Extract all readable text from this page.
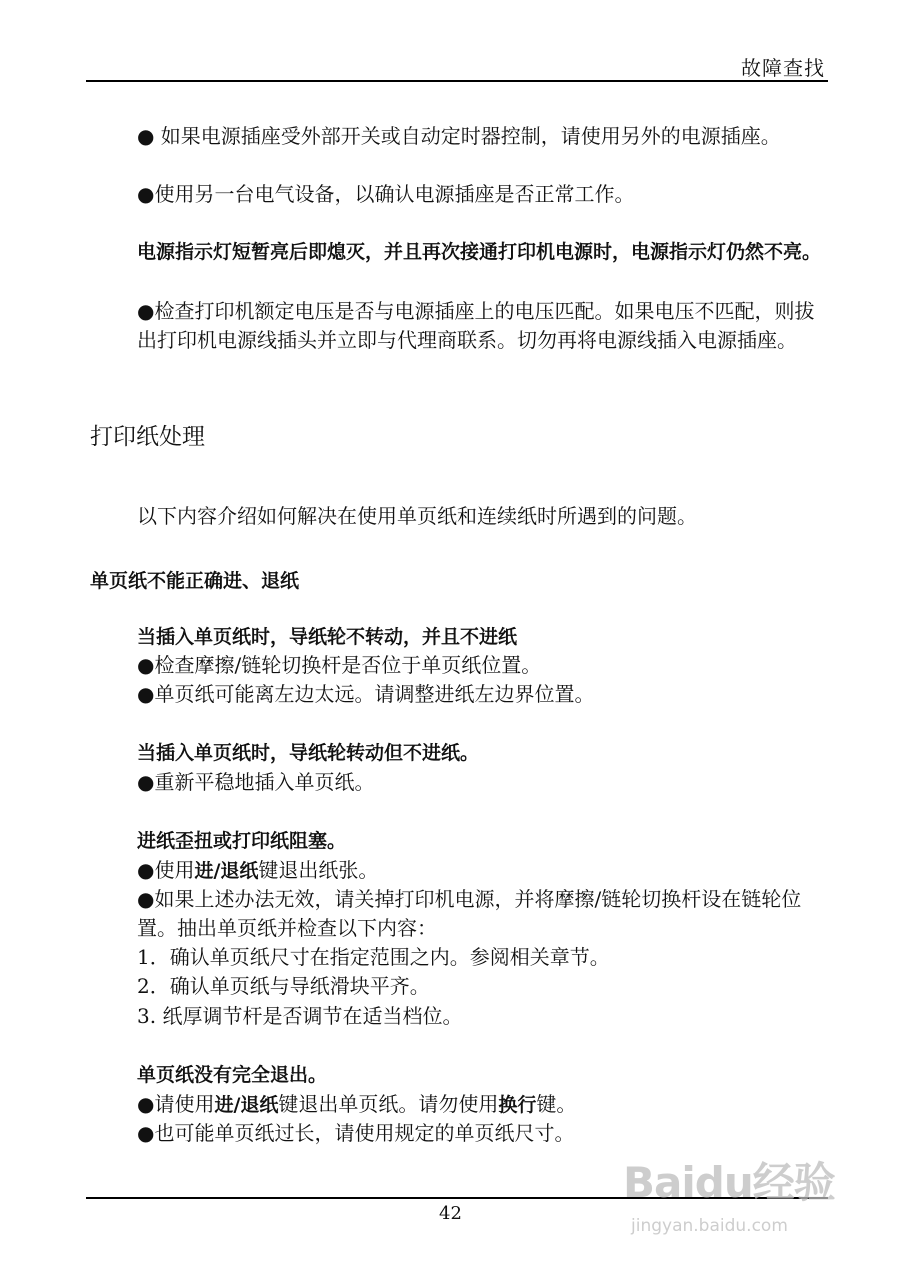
故障查找
● 如果电源插座受外部开关或自动定时器控制，请使用另外的电源插座。
●使用另一台电气设备，以确认电源插座是否正常工作。
电源指示灯短暂亮后即熄灭，并且再次接通打印机电源时，电源指示灯仍然不亮。
●检查打印机额定电压是否与电源插座上的电压匹配。如果电压不匹配，则拔出打印机电源线插头并立即与代理商联系。切勿再将电源线插入电源插座。
打印纸处理
以下内容介绍如何解决在使用单页纸和连续纸时所遇到的问题。
单页纸不能正确进、退纸
当插入单页纸时，导纸轮不转动，并且不进纸
●检查摩擦/链轮切换杆是否位于单页纸位置。
●单页纸可能离左边太远。请调整进纸左边界位置。
当插入单页纸时，导纸轮转动但不进纸。
●重新平稳地插入单页纸。
进纸歪扭或打印纸阻塞。
●使用进/退纸键退出纸张。
●如果上述办法无效，请关掉打印机电源，并将摩擦/链轮切换杆设在链轮位置。抽出单页纸并检查以下内容：
1．确认单页纸尺寸在指定范围之内。参阅相关章节。
2．确认单页纸与导纸滑块平齐。
3. 纸厚调节杆是否调节在适当档位。
单页纸没有完全退出。
●请使用进/退纸键退出单页纸。请勿使用换行键。
●也可能单页纸过长，请使用规定的单页纸尺寸。
42
Baidu经验
jingyan.baidu.com
